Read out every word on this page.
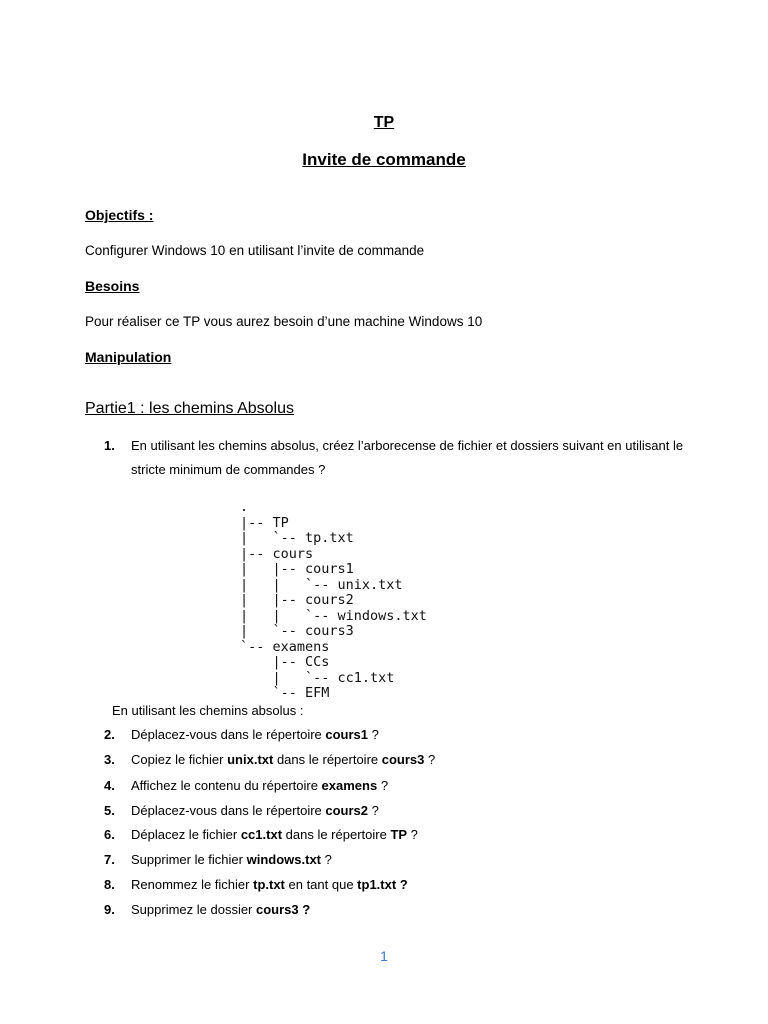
TP
Invite de commande
Objectifs :
Configurer Windows 10 en utilisant l’invite de commande
Besoins
Pour réaliser ce TP vous aurez besoin d’une machine Windows 10
Manipulation
Partie1 : les chemins Absolus
1.	En utilisant les chemins absolus, créez l’arborecense de fichier et dossiers suivant en utilisant le
stricte minimum de commandes ?
.
|-- TP
|   `-- tp.txt
|-- cours
|   |-- cours1
|   |   `-- unix.txt
|   |-- cours2
|   |   `-- windows.txt
|   `-- cours3
`-- examens
|-- CCs
|   `-- cc1.txt
`-- EFM
En utilisant les chemins absolus :
2.	Déplacez-vous dans le répertoire cours1 ?
3.	Copiez le fichier unix.txt dans le répertoire cours3 ?
4.	Affichez le contenu du répertoire examens ?
5.	Déplacez-vous dans le répertoire cours2 ?
6.	Déplacez le fichier cc1.txt dans le répertoire TP ?
7.	Supprimer le fichier windows.txt ?
8.	Renommez le fichier tp.txt en tant que tp1.txt ?
9.	Supprimez le dossier cours3 ?
1
